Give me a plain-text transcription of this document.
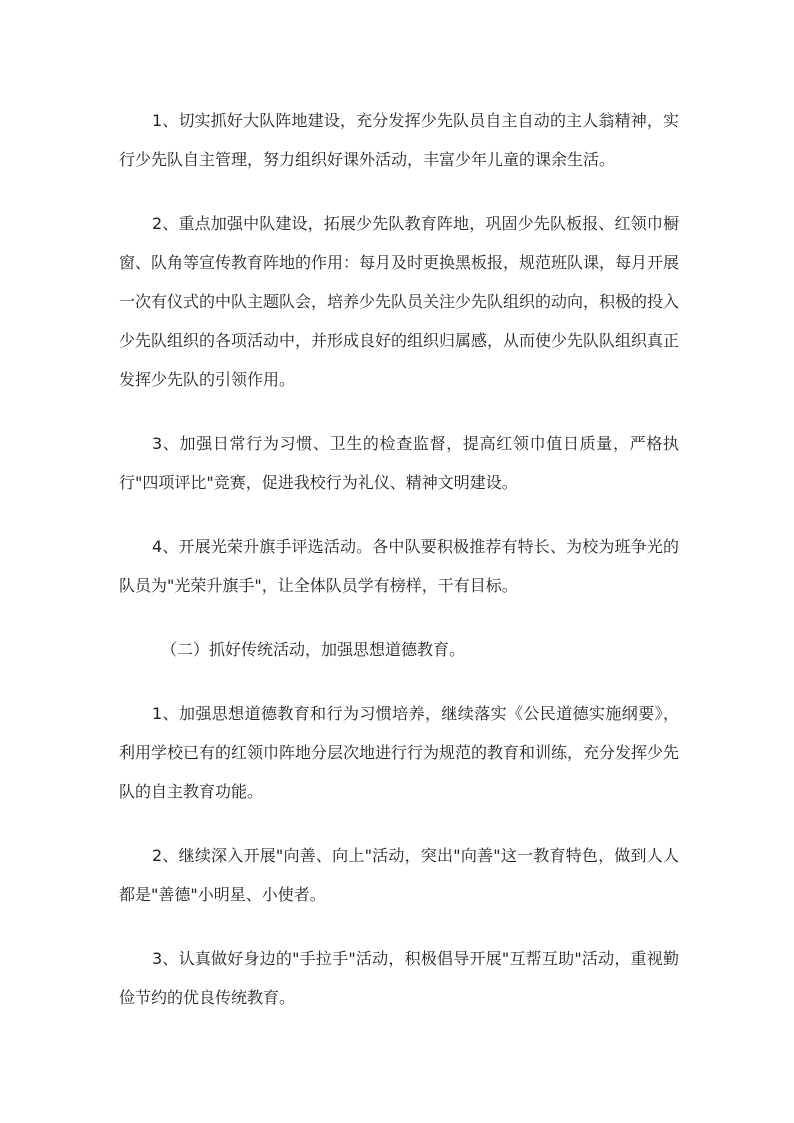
1、切实抓好大队阵地建设，充分发挥少先队员自主自动的主人翁精神，实行少先队自主管理，努力组织好课外活动，丰富少年儿童的课余生活。

2、重点加强中队建设，拓展少先队教育阵地，巩固少先队板报、红领巾橱窗、队角等宣传教育阵地的作用：每月及时更换黑板报，规范班队课，每月开展一次有仪式的中队主题队会，培养少先队员关注少先队组织的动向，积极的投入少先队组织的各项活动中，并形成良好的组织归属感，从而使少先队队组织真正发挥少先队的引领作用。

3、加强日常行为习惯、卫生的检查监督，提高红领巾值日质量，严格执行"四项评比"竞赛，促进我校行为礼仪、精神文明建设。

4、开展光荣升旗手评选活动。各中队要积极推荐有特长、为校为班争光的队员为"光荣升旗手"，让全体队员学有榜样，干有目标。

（二）抓好传统活动，加强思想道德教育。

1、加强思想道德教育和行为习惯培养，继续落实《公民道德实施纲要》，利用学校已有的红领巾阵地分层次地进行行为规范的教育和训练，充分发挥少先队的自主教育功能。

2、继续深入开展"向善、向上"活动，突出"向善"这一教育特色，做到人人都是"善德"小明星、小使者。

3、认真做好身边的"手拉手"活动，积极倡导开展"互帮互助"活动，重视勤俭节约的优良传统教育。
